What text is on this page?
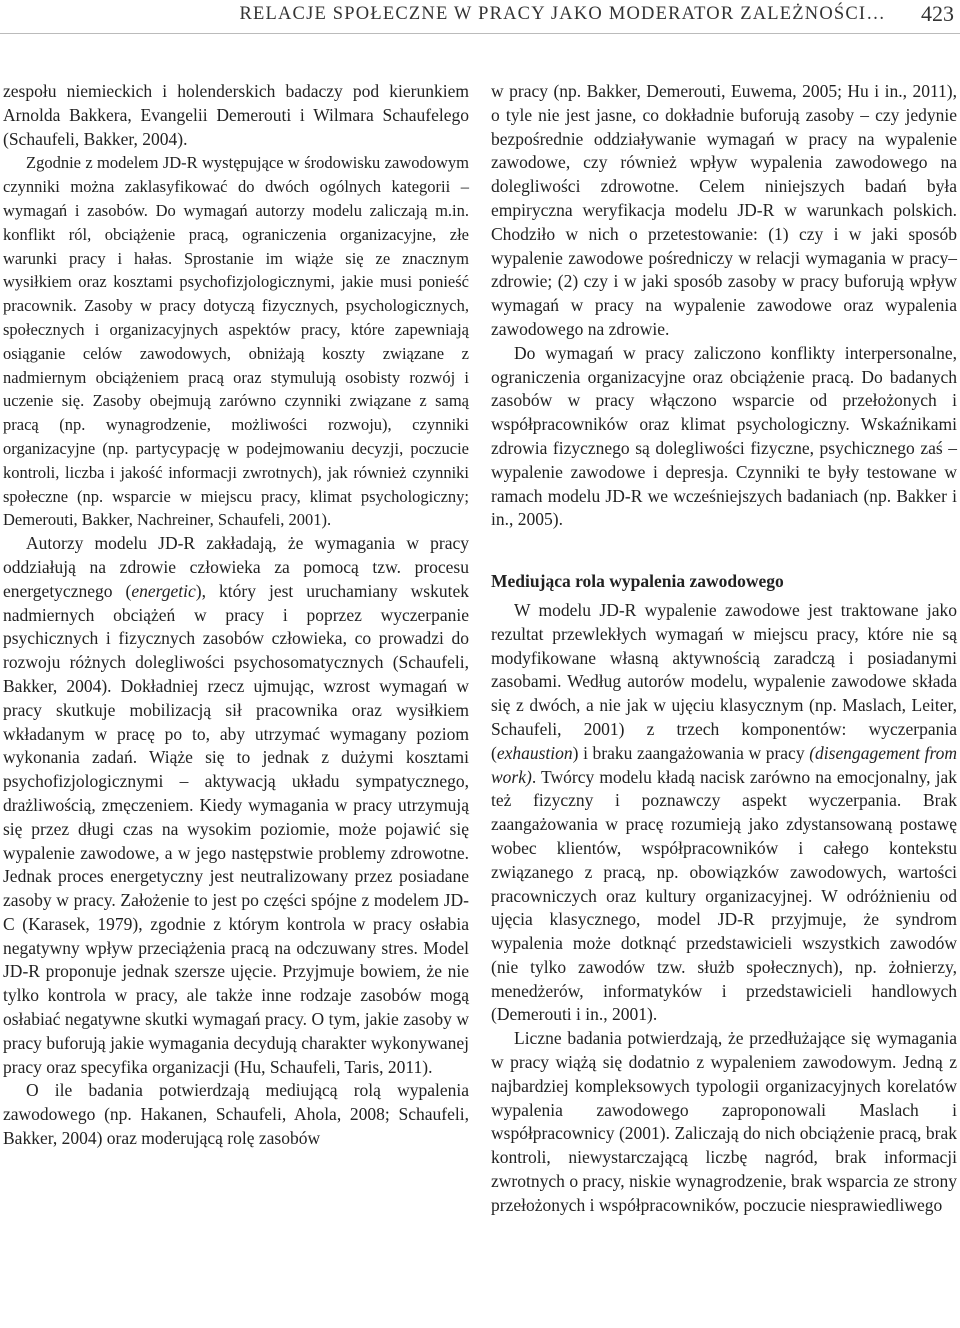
RELACJE SPOŁECZNE W PRACY JAKO MODERATOR ZALEŻNOŚCI… 423

zespołu niemieckich i holenderskich badaczy pod kierunkiem Arnolda Bakkera, Evangelii Demerouti i Wilmara Schaufelego (Schaufeli, Bakker, 2004).

Zgodnie z modelem JD-R występujące w środowisku zawodowym czynniki można zaklasyfikować do dwóch ogólnych kategorii – wymagań i zasobów. Do wymagań autorzy modelu zaliczają m.in. konflikt ról, obciążenie pracą, ograniczenia organizacyjne, złe warunki pracy i hałas. Sprostanie im wiąże się ze znacznym wysiłkiem oraz kosztami psychofizjologicznymi, jakie musi ponieść pracownik. Zasoby w pracy dotyczą fizycznych, psychologicznych, społecznych i organizacyjnych aspektów pracy, które zapewniają osiąganie celów zawodowych, obniżają koszty związane z nadmiernym obciążeniem pracą oraz stymulują osobisty rozwój i uczenie się. Zasoby obejmują zarówno czynniki związane z samą pracą (np. wynagrodzenie, możliwości rozwoju), czynniki organizacyjne (np. partycypację w podejmowaniu decyzji, poczucie kontroli, liczba i jakość informacji zwrotnych), jak również czynniki społeczne (np. wsparcie w miejscu pracy, klimat psychologiczny; Demerouti, Bakker, Nachreiner, Schaufeli, 2001).

Autorzy modelu JD-R zakładają, że wymagania w pracy oddziałują na zdrowie człowieka za pomocą tzw. procesu energetycznego (energetic), który jest uruchamiany wskutek nadmiernych obciążeń w pracy i poprzez wyczerpanie psychicznych i fizycznych zasobów człowieka, co prowadzi do rozwoju różnych dolegliwości psychosomatycznych (Schaufeli, Bakker, 2004). Dokładniej rzecz ujmując, wzrost wymagań w pracy skutkuje mobilizacją sił pracownika oraz wysiłkiem wkładanym w pracę po to, aby utrzymać wymagany poziom wykonania zadań. Wiąże się to jednak z dużymi kosztami psychofizjologicznymi – aktywacją układu sympatycznego, drażliwością, zmęczeniem. Kiedy wymagania w pracy utrzymują się przez długi czas na wysokim poziomie, może pojawić się wypalenie zawodowe, a w jego następstwie problemy zdrowotne. Jednak proces energetyczny jest neutralizowany przez posiadane zasoby w pracy. Założenie to jest po części spójne z modelem JD-C (Karasek, 1979), zgodnie z którym kontrola w pracy osłabia negatywny wpływ przeciążenia pracą na odczuwany stres. Model JD-R proponuje jednak szersze ujęcie. Przyjmuje bowiem, że nie tylko kontrola w pracy, ale także inne rodzaje zasobów mogą osłabiać negatywne skutki wymagań pracy. O tym, jakie zasoby w pracy buforują jakie wymagania decydują charakter wykonywanej pracy oraz specyfika organizacji (Hu, Schaufeli, Taris, 2011).

O ile badania potwierdzają mediującą rolą wypalenia zawodowego (np. Hakanen, Schaufeli, Ahola, 2008; Schaufeli, Bakker, 2004) oraz moderującą rolę zasobów

w pracy (np. Bakker, Demerouti, Euwema, 2005; Hu i in., 2011), o tyle nie jest jasne, co dokładnie buforują zasoby – czy jedynie bezpośrednie oddziaływanie wymagań w pracy na wypalenie zawodowe, czy również wpływ wypalenia zawodowego na dolegliwości zdrowotne. Celem niniejszych badań była empiryczna weryfikacja modelu JD-R w warunkach polskich. Chodziło w nich o przetestowanie: (1) czy i w jaki sposób wypalenie zawodowe pośredniczy w relacji wymagania w pracy–zdrowie; (2) czy i w jaki sposób zasoby w pracy buforują wpływ wymagań w pracy na wypalenie zawodowe oraz wypalenia zawodowego na zdrowie.

Do wymagań w pracy zaliczono konflikty interpersonalne, ograniczenia organizacyjne oraz obciążenie pracą. Do badanych zasobów w pracy włączono wsparcie od przełożonych i współpracowników oraz klimat psychologiczny. Wskaźnikami zdrowia fizycznego są dolegliwości fizyczne, psychicznego zaś – wypalenie zawodowe i depresja. Czynniki te były testowane w ramach modelu JD-R we wcześniejszych badaniach (np. Bakker i in., 2005).

Mediująca rola wypalenia zawodowego

W modelu JD-R wypalenie zawodowe jest traktowane jako rezultat przewlekłych wymagań w miejscu pracy, które nie są modyfikowane własną aktywnością zaradczą i posiadanymi zasobami. Według autorów modelu, wypalenie zawodowe składa się z dwóch, a nie jak w ujęciu klasycznym (np. Maslach, Leiter, Schaufeli, 2001) z trzech komponentów: wyczerpania (exhaustion) i braku zaangażowania w pracy (disengagement from work). Twórcy modelu kładą nacisk zarówno na emocjonalny, jak też fizyczny i poznawczy aspekt wyczerpania. Brak zaangażowania w pracę rozumieją jako zdystansowaną postawę wobec klientów, współpracowników i całego kontekstu związanego z pracą, np. obowiązków zawodowych, wartości pracowniczych oraz kultury organizacyjnej. W odróżnieniu od ujęcia klasycznego, model JD-R przyjmuje, że syndrom wypalenia może dotknąć przedstawicieli wszystkich zawodów (nie tylko zawodów tzw. służb społecznych), np. żołnierzy, menedżerów, informatyków i przedstawicieli handlowych (Demerouti i in., 2001).

Liczne badania potwierdzają, że przedłużające się wymagania w pracy wiążą się dodatnio z wypaleniem zawodowym. Jedną z najbardziej kompleksowych typologii organizacyjnych korelatów wypalenia zawodowego zaproponowali Maslach i współpracownicy (2001). Zaliczają do nich obciążenie pracą, brak kontroli, niewystarczającą liczbę nagród, brak informacji zwrotnych o pracy, niskie wynagrodzenie, brak wsparcia ze strony przełożonych i współpracowników, poczucie niesprawiedliwego
